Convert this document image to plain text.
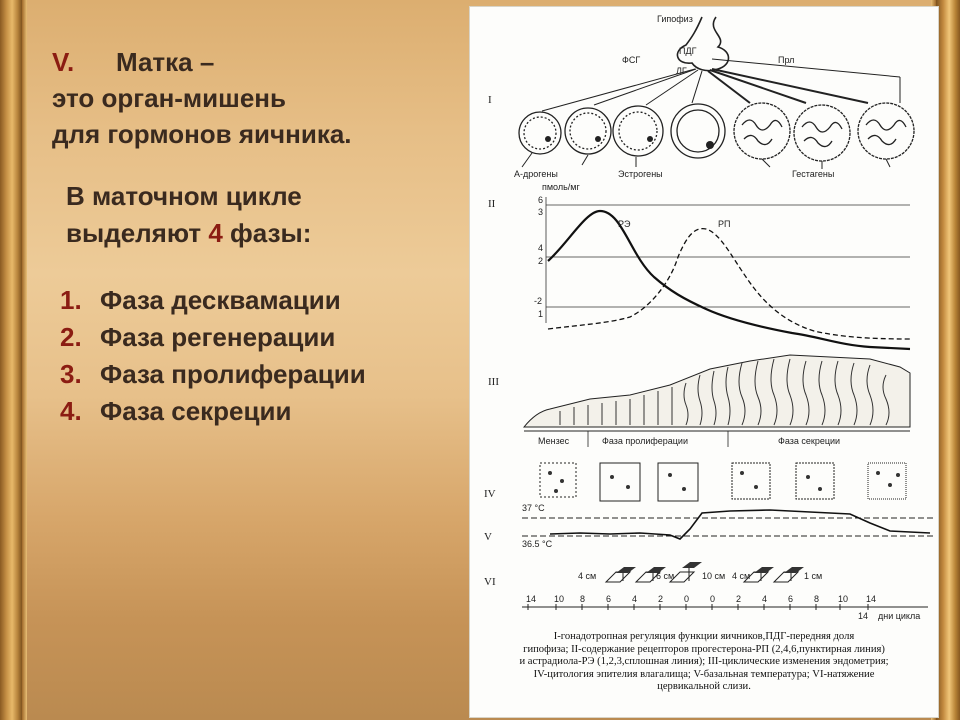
V. Матка –
это орган-мишень
для гормонов яичника.
В маточном цикле
выделяют 4 фазы:
1. Фаза десквамации
2. Фаза регенерации
3. Фаза пролиферации
4. Фаза секреции
I
Гипофиз
ПДГ
ФСГ
ЛГ
Прл
А-дрогены	Эстрогены	Гестагены
II
пмоль/мг
6
3
4
2
-2
1
РЭ	РП
III
Мензес	Фаза пролиферации	Фаза секреции
IV
V
37 °С
36.5 °С
VI	4 см	6 см	10 см 4 см	1 см
14 10 8 6 4 2 0 0 2 4 6 8 10 14
14 дни цикла
I-гонадотропная регуляция функции яичников,ПДГ-передняя доля
гипофиза; II-содержание рецепторов прогестерона-РП (2,4,6,пунктирная линия)
и астрадиола-РЭ (1,2,3,сплошная линия); III-циклические изменения эндометрия;
IV-цитология эпителия влагалища; V-базальная температура; VI-натяжение
цервикальной слизи.
